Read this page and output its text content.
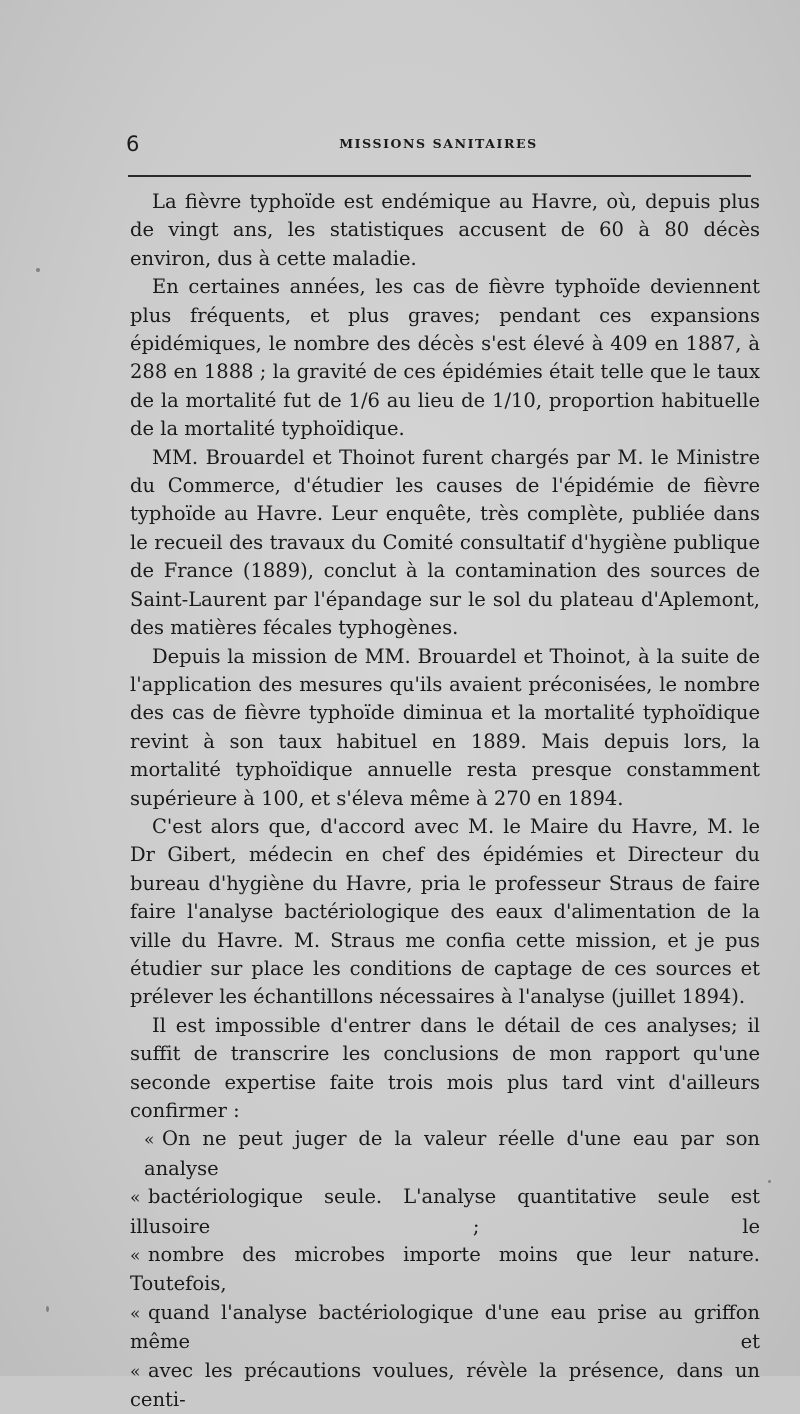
6	MISSIONS SANITAIRES

La fièvre typhoïde est endémique au Havre, où, depuis plus de vingt ans, les statistiques accusent de 60 à 80 décès environ, dus à cette maladie.

En certaines années, les cas de fièvre typhoïde deviennent plus fréquents, et plus graves; pendant ces expansions épidémiques, le nombre des décès s'est élevé à 409 en 1887, à 288 en 1888 ; la gravité de ces épidémies était telle que le taux de la mortalité fut de 1/6 au lieu de 1/10, proportion habituelle de la mortalité typhoïdique.

MM. Brouardel et Thoinot furent chargés par M. le Ministre du Commerce, d'étudier les causes de l'épidémie de fièvre typhoïde au Havre. Leur enquête, très complète, publiée dans le recueil des travaux du Comité consultatif d'hygiène publique de France (1889), conclut à la contamination des sources de Saint-Laurent par l'épandage sur le sol du plateau d'Aplemont, des matières fécales typhogènes.

Depuis la mission de MM. Brouardel et Thoinot, à la suite de l'application des mesures qu'ils avaient préconisées, le nombre des cas de fièvre typhoïde diminua et la mortalité typhoïdique revint à son taux habituel en 1889. Mais depuis lors, la mortalité typhoïdique annuelle resta presque constamment supérieure à 100, et s'éleva même à 270 en 1894.

C'est alors que, d'accord avec M. le Maire du Havre, M. le Dr Gibert, médecin en chef des épidémies et Directeur du bureau d'hygiène du Havre, pria le professeur Straus de faire faire l'analyse bactériologique des eaux d'alimentation de la ville du Havre. M. Straus me confia cette mission, et je pus étudier sur place les conditions de captage de ces sources et prélever les échantillons nécessaires à l'analyse (juillet 1894).

Il est impossible d'entrer dans le détail de ces analyses; il suffit de transcrire les conclusions de mon rapport qu'une seconde expertise faite trois mois plus tard vint d'ailleurs confirmer :

« On ne peut juger de la valeur réelle d'une eau par son analyse
« bactériologique seule. L'analyse quantitative seule est illusoire ; le
« nombre des microbes importe moins que leur nature. Toutefois,
« quand l'analyse bactériologique d'une eau prise au griffon même et
« avec les précautions voulues, révèle la présence, dans un centi-
